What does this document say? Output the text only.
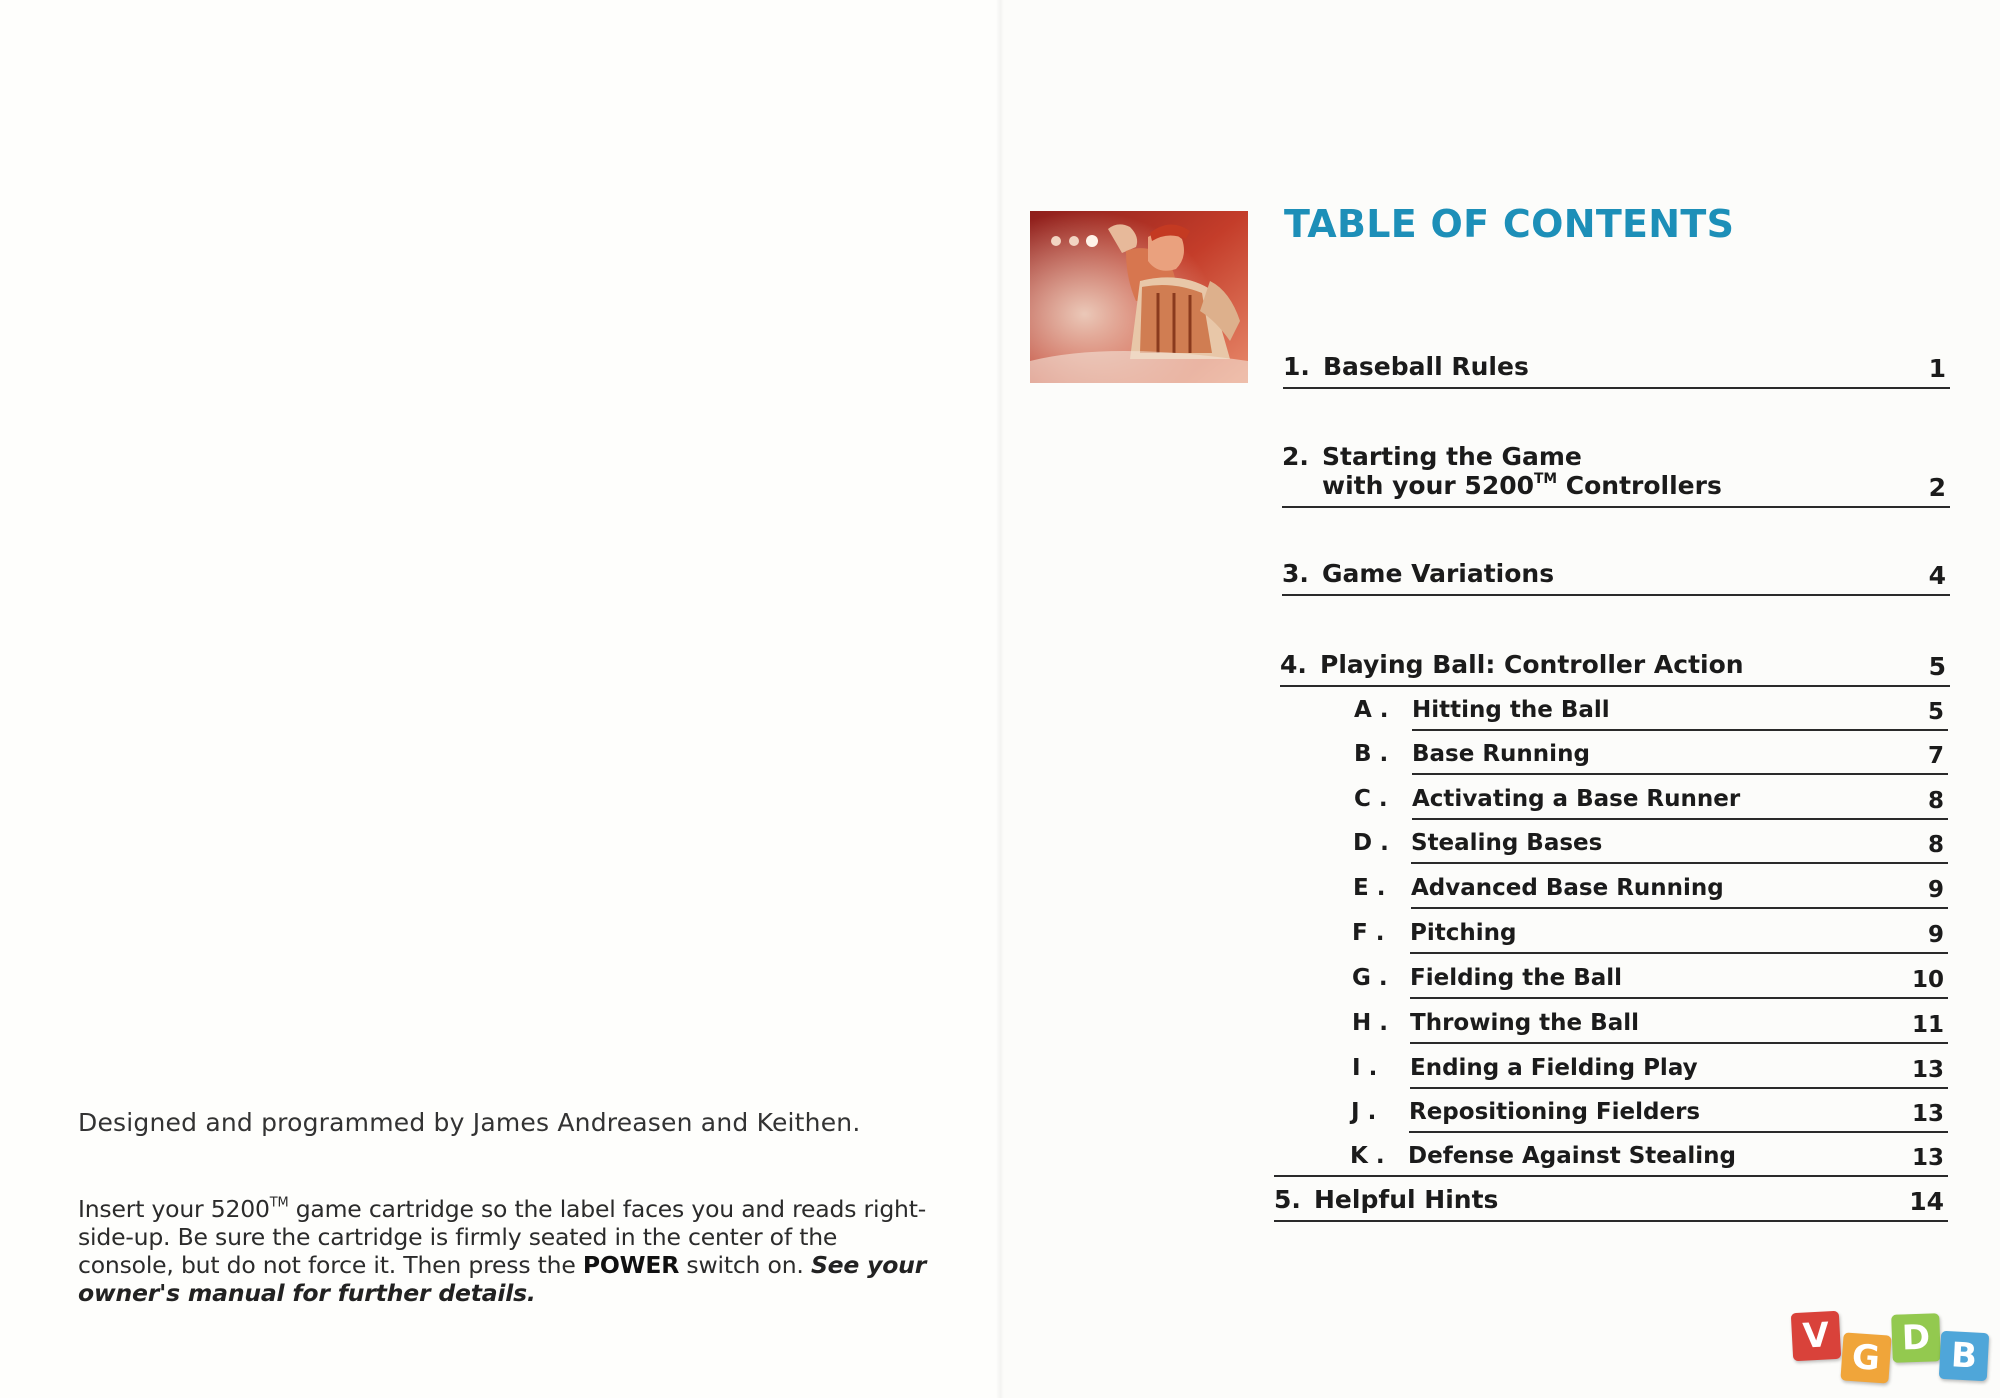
Designed and programmed by James Andreasen and Keithen.
Insert your 5200™ game cartridge so the label faces you and reads right-side-up. Be sure the cartridge is firmly seated in the center of the console, but do not force it. Then press the POWER switch on. See your owner's manual for further details.
TABLE OF CONTENTS
1. Baseball Rules	1
2. Starting the Game
with your 5200™ Controllers	2
3. Game Variations	4
4. Playing Ball: Controller Action	5
A . Hitting the Ball	5
B . Base Running	7
C . Activating a Base Runner	8
D . Stealing Bases	8
E . Advanced Base Running	9
F . Pitching	9
G . Fielding the Ball	10
H . Throwing the Ball	11
I . Ending a Fielding Play	13
J . Repositioning Fielders	13
K . Defense Against Stealing	13
5. Helpful Hints	14
V
G D B
